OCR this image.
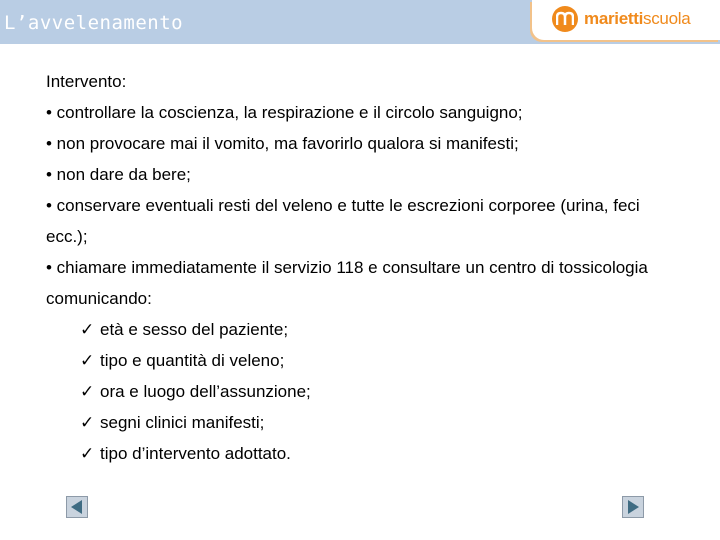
L’avvelenamento	mariettiscuola

Intervento:

• controllare la coscienza, la respirazione e il circolo sanguigno;

• non provocare mai il vomito, ma favorirlo qualora si manifesti;

• non dare da bere;

• conservare eventuali resti del veleno e tutte le escrezioni corporee (urina, feci ecc.);

• chiamare immediatamente il servizio 118 e consultare un centro di tossicologia comunicando:

✓ età e sesso del paziente;

✓ tipo e quantità di veleno;

✓ ora e luogo dell’assunzione;

✓ segni clinici manifesti;

✓ tipo d’intervento adottato.
